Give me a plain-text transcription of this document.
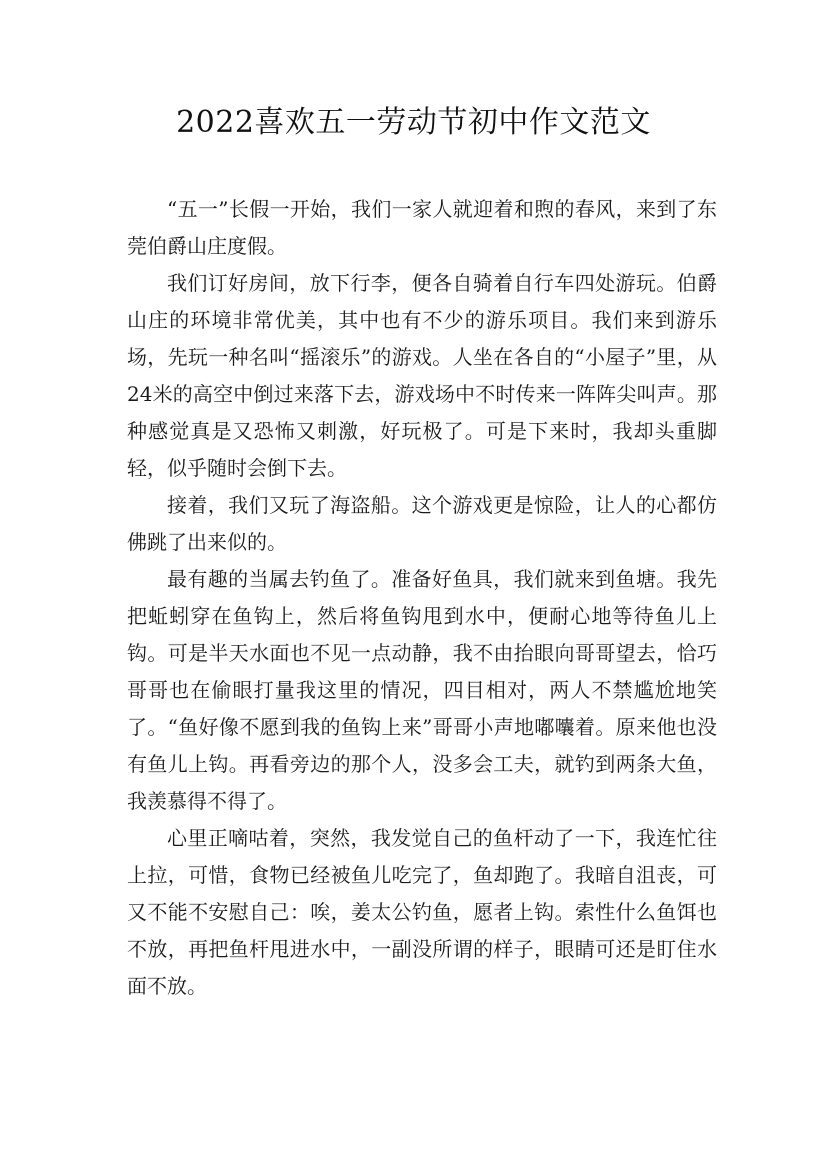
2022喜欢五一劳动节初中作文范文

“五一”长假一开始，我们一家人就迎着和煦的春风，来到了东莞伯爵山庄度假。

我们订好房间，放下行李，便各自骑着自行车四处游玩。伯爵山庄的环境非常优美，其中也有不少的游乐项目。我们来到游乐场，先玩一种名叫“摇滚乐”的游戏。人坐在各自的“小屋子”里，从24米的高空中倒过来落下去，游戏场中不时传来一阵阵尖叫声。那种感觉真是又恐怖又刺激，好玩极了。可是下来时，我却头重脚轻，似乎随时会倒下去。

接着，我们又玩了海盗船。这个游戏更是惊险，让人的心都仿佛跳了出来似的。

最有趣的当属去钓鱼了。准备好鱼具，我们就来到鱼塘。我先把蚯蚓穿在鱼钩上，然后将鱼钩甩到水中，便耐心地等待鱼儿上钩。可是半天水面也不见一点动静，我不由抬眼向哥哥望去，恰巧哥哥也在偷眼打量我这里的情况，四目相对，两人不禁尴尬地笑了。“鱼好像不愿到我的鱼钩上来”哥哥小声地嘟囔着。原来他也没有鱼儿上钩。再看旁边的那个人，没多会工夫，就钓到两条大鱼，我羡慕得不得了。

心里正嘀咕着，突然，我发觉自己的鱼杆动了一下，我连忙往上拉，可惜，食物已经被鱼儿吃完了，鱼却跑了。我暗自沮丧，可又不能不安慰自己：唉，姜太公钓鱼，愿者上钩。索性什么鱼饵也不放，再把鱼杆甩进水中，一副没所谓的样子，眼睛可还是盯住水面不放。
